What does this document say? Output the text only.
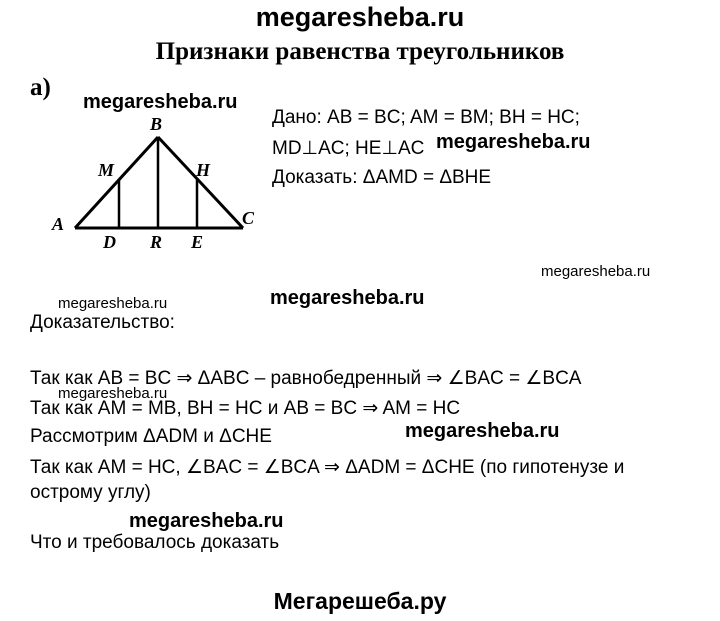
megaresheba.ru
Признаки равенства треугольников
а)
megaresheba.ru
B
M	H
A	C
D R E
Дано: AB = BC; AM = BM; BH = HC;
MD⊥AC; HE⊥AC megaresheba.ru
Доказать: ΔAMD = ΔBHE
megaresheba.ru
megaresheba.ru	megaresheba.ru
Доказательство:
Так как AB = BC ⇒ ΔABC – равнобедренный ⇒ ∠BAC = ∠BCA
megaresheba.ru
Так как AM = MB, BH = HC и AB = BC ⇒ AM = HC
Рассмотрим ΔADM и ΔCHE	megaresheba.ru
Так как AM = HC, ∠BAC = ∠BCA ⇒ ΔADM = ΔCHE (по гипотенузе и
острому углу)
megaresheba.ru
Что и требовалось доказать
Мегарешеба.ру
